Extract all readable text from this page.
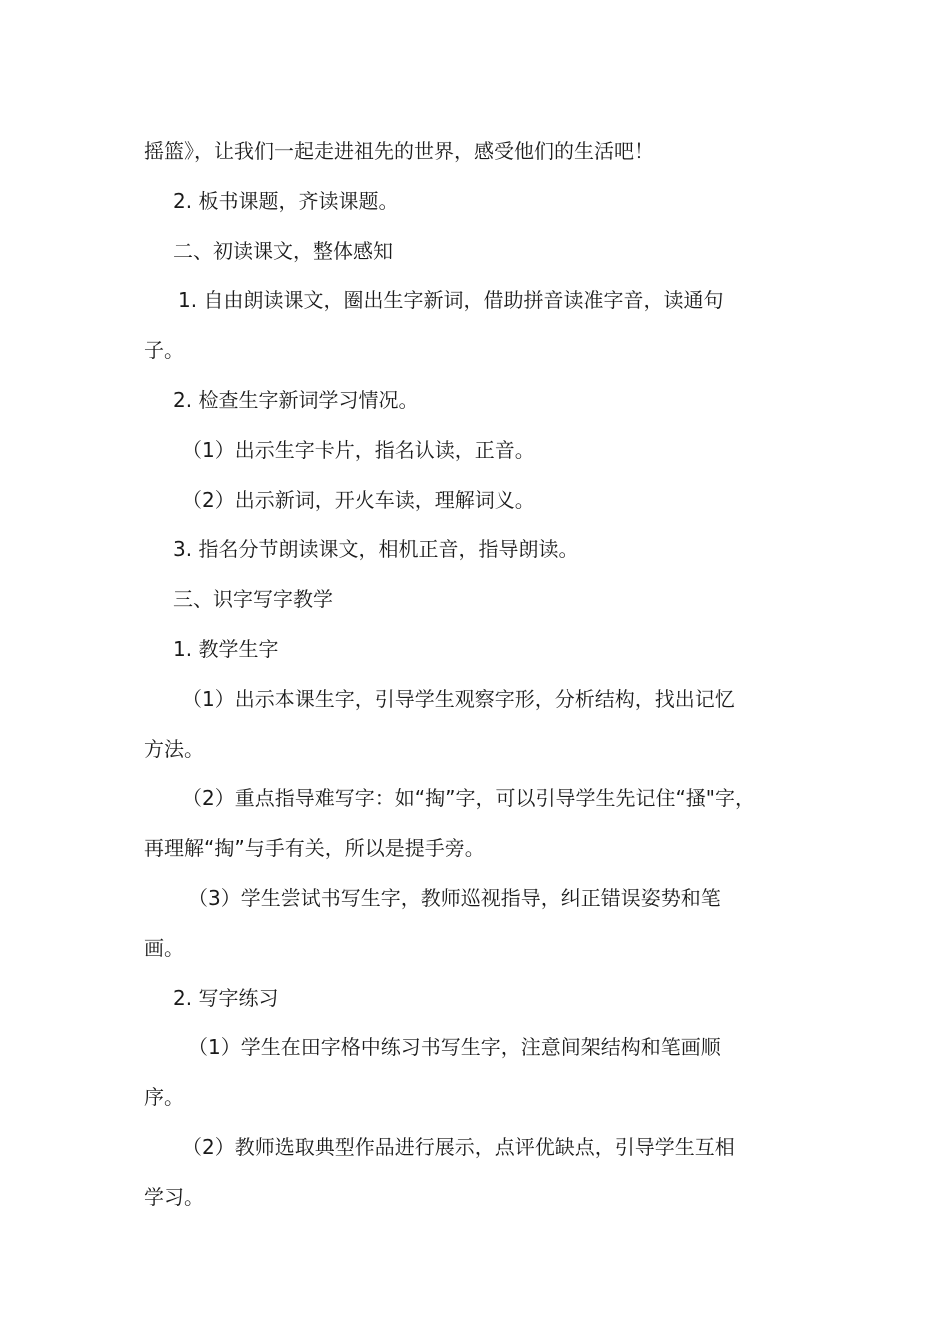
摇篮》，让我们一起走进祖先的世界，感受他们的生活吧！
2. 板书课题，齐读课题。
二、初读课文，整体感知
1. 自由朗读课文，圈出生字新词，借助拼音读准字音，读通句
子。
2. 检查生字新词学习情况。
（1）出示生字卡片，指名认读，正音。
（2）出示新词，开火车读，理解词义。
3. 指名分节朗读课文，相机正音，指导朗读。
三、识字写字教学
1. 教学生字
（1）出示本课生字，引导学生观察字形，分析结构，找出记忆
方法。
（2）重点指导难写字：如“掏”字，可以引导学生先记住“搔"字，
再理解“掏”与手有关，所以是提手旁。
（3）学生尝试书写生字，教师巡视指导，纠正错误姿势和笔
画。
2. 写字练习
（1）学生在田字格中练习书写生字，注意间架结构和笔画顺
序。
（2）教师选取典型作品进行展示，点评优缺点，引导学生互相
学习。
